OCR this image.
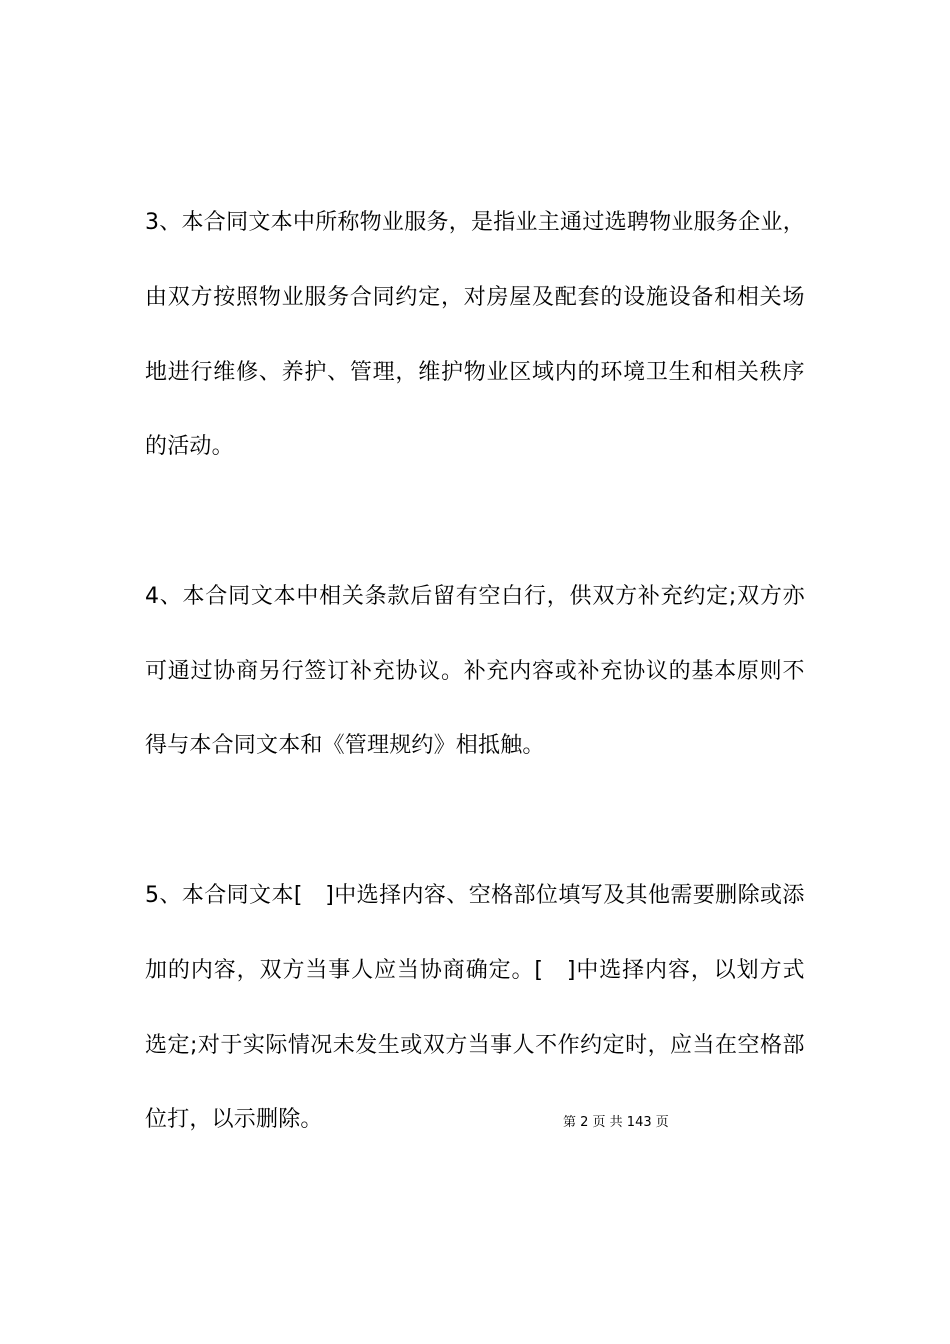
3 、 本 合 同 文 本 中 所 称 物 业 服 务 ， 是 指 业 主 通 过 选 聘 物 业 服 务 企 业 ，
由 双 方 按 照 物 业 服 务 合 同 约 定 ， 对 房 屋 及 配 套 的 设 施 设 备 和 相 关 场
地 进 行 维 修 、 养 护 、 管 理 ， 维 护 物 业 区 域 内 的 环 境 卫 生 和 相 关 秩 序
的活动。
4 、 本 合 同 文 本 中 相 关 条 款 后 留 有 空 白 行 ， 供 双 方 补 充 约 定 ; 双 方 亦
可 通 过 协 商 另 行 签 订 补 充 协 议 。 补 充 内 容 或 补 充 协 议 的 基 本 原 则 不
得与本合同文本和《管理规约》相抵触。
5 、 本 合 同 文 本 [
　 ] 中 选 择 内 容 、 空 格 部 位 填 写 及 其 他 需 要 删 除 或 添
加 的 内 容 ， 双 方 当 事 人 应 当 协 商 确 定 。 [
　 ] 中 选 择 内 容 ， 以 划 方 式
选 定 ; 对 于 实 际 情 况 未 发 生 或 双 方 当 事 人 不 作 约 定 时 ， 应 当 在 空 格 部
位打，以示删除。	第 2 页 共 143 页
